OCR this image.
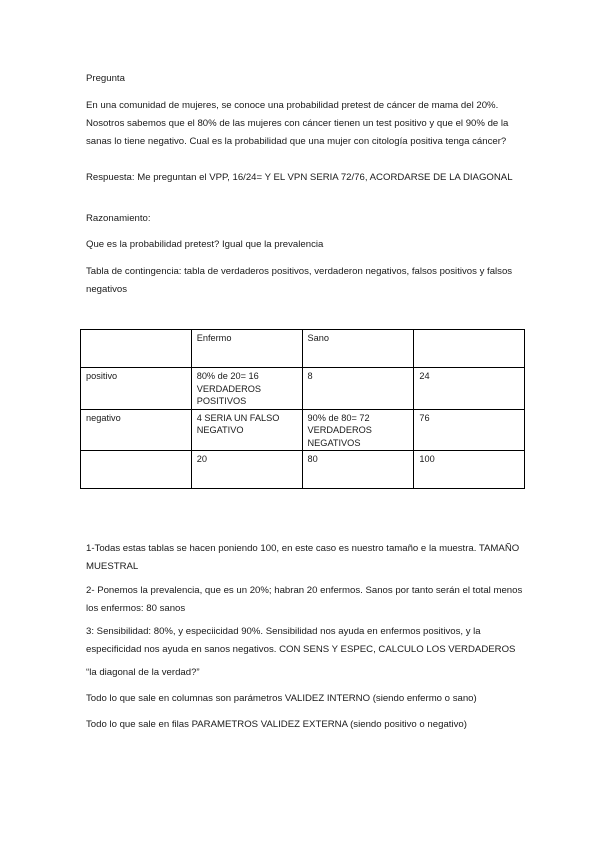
Pregunta

En una comunidad de mujeres, se conoce una probabilidad pretest de cáncer de mama del 20%. Nosotros sabemos que el 80% de las mujeres con cáncer tienen un test positivo y que el 90% de la sanas lo tiene negativo. Cual es la probabilidad que una mujer con citología positiva tenga cáncer?

Respuesta: Me preguntan el VPP, 16/24= Y EL VPN SERIA 72/76, ACORDARSE DE LA DIAGONAL

Razonamiento:

Que es la probabilidad pretest? Igual que la prevalencia

Tabla de contingencia: tabla de verdaderos positivos, verdaderon negativos, falsos positivos y falsos negativos

	Enfermo	Sano	
positivo	80% de 20= 16 VERDADEROS POSITIVOS	8	24
negativo	4 SERIA UN FALSO NEGATIVO	90% de 80= 72 VERDADEROS NEGATIVOS	76
	20	80	100

1-Todas estas tablas se hacen poniendo 100, en este caso es nuestro tamaño e la muestra. TAMAÑO MUESTRAL

2- Ponemos la prevalencia, que es un 20%; habran 20 enfermos. Sanos por tanto serán el total menos los enfermos: 80 sanos

3: Sensibilidad: 80%, y especiicidad 90%. Sensibilidad nos ayuda en enfermos positivos, y la especificidad nos ayuda en sanos negativos. CON SENS Y ESPEC, CALCULO LOS VERDADEROS

“la diagonal de la verdad?”

Todo lo que sale en columnas son parámetros VALIDEZ INTERNO (siendo enfermo o sano)

Todo lo que sale en filas PARAMETROS VALIDEZ EXTERNA (siendo positivo o negativo)
